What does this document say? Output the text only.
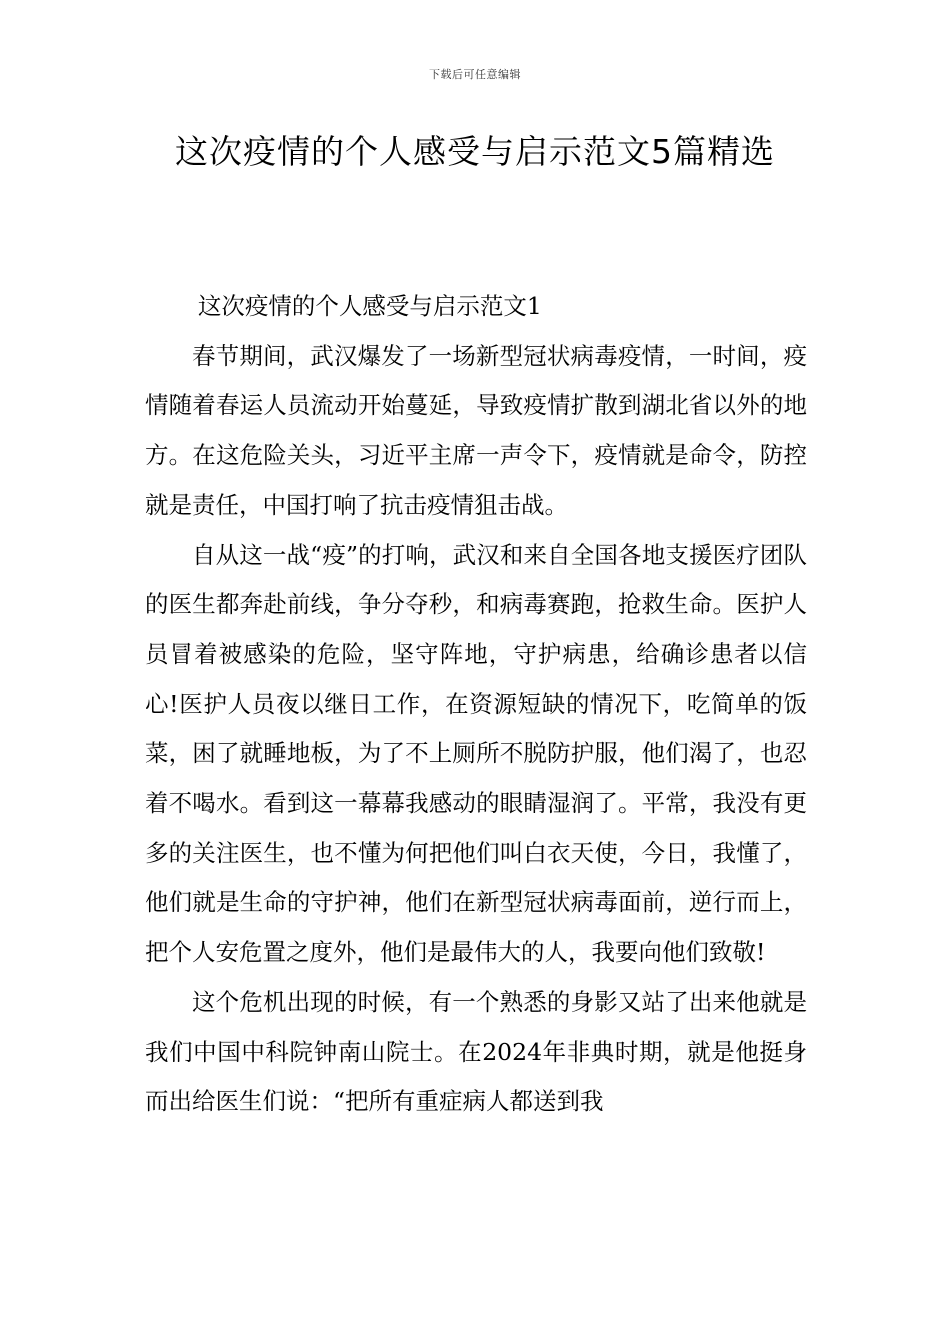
下载后可任意编辑
这次疫情的个人感受与启示范文5篇精选

这次疫情的个人感受与启示范文1

春节期间，武汉爆发了一场新型冠状病毒疫情，一时间，疫情随着春运人员流动开始蔓延，导致疫情扩散到湖北省以外的地方。在这危险关头，习近平主席一声令下，疫情就是命令，防控就是责任，中国打响了抗击疫情狙击战。

自从这一战“疫”的打响，武汉和来自全国各地支援医疗团队的医生都奔赴前线，争分夺秒，和病毒赛跑，抢救生命。医护人员冒着被感染的危险，坚守阵地，守护病患，给确诊患者以信心!医护人员夜以继日工作，在资源短缺的情况下，吃简单的饭菜，困了就睡地板，为了不上厕所不脱防护服，他们渴了，也忍着不喝水。看到这一幕幕我感动的眼睛湿润了。平常，我没有更多的关注医生，也不懂为何把他们叫白衣天使，今日，我懂了，他们就是生命的守护神，他们在新型冠状病毒面前，逆行而上，把个人安危置之度外，他们是最伟大的人，我要向他们致敬!

这个危机出现的时候，有一个熟悉的身影又站了出来他就是我们中国中科院钟南山院士。在2024年非典时期，就是他挺身而出给医生们说：“把所有重症病人都送到我
